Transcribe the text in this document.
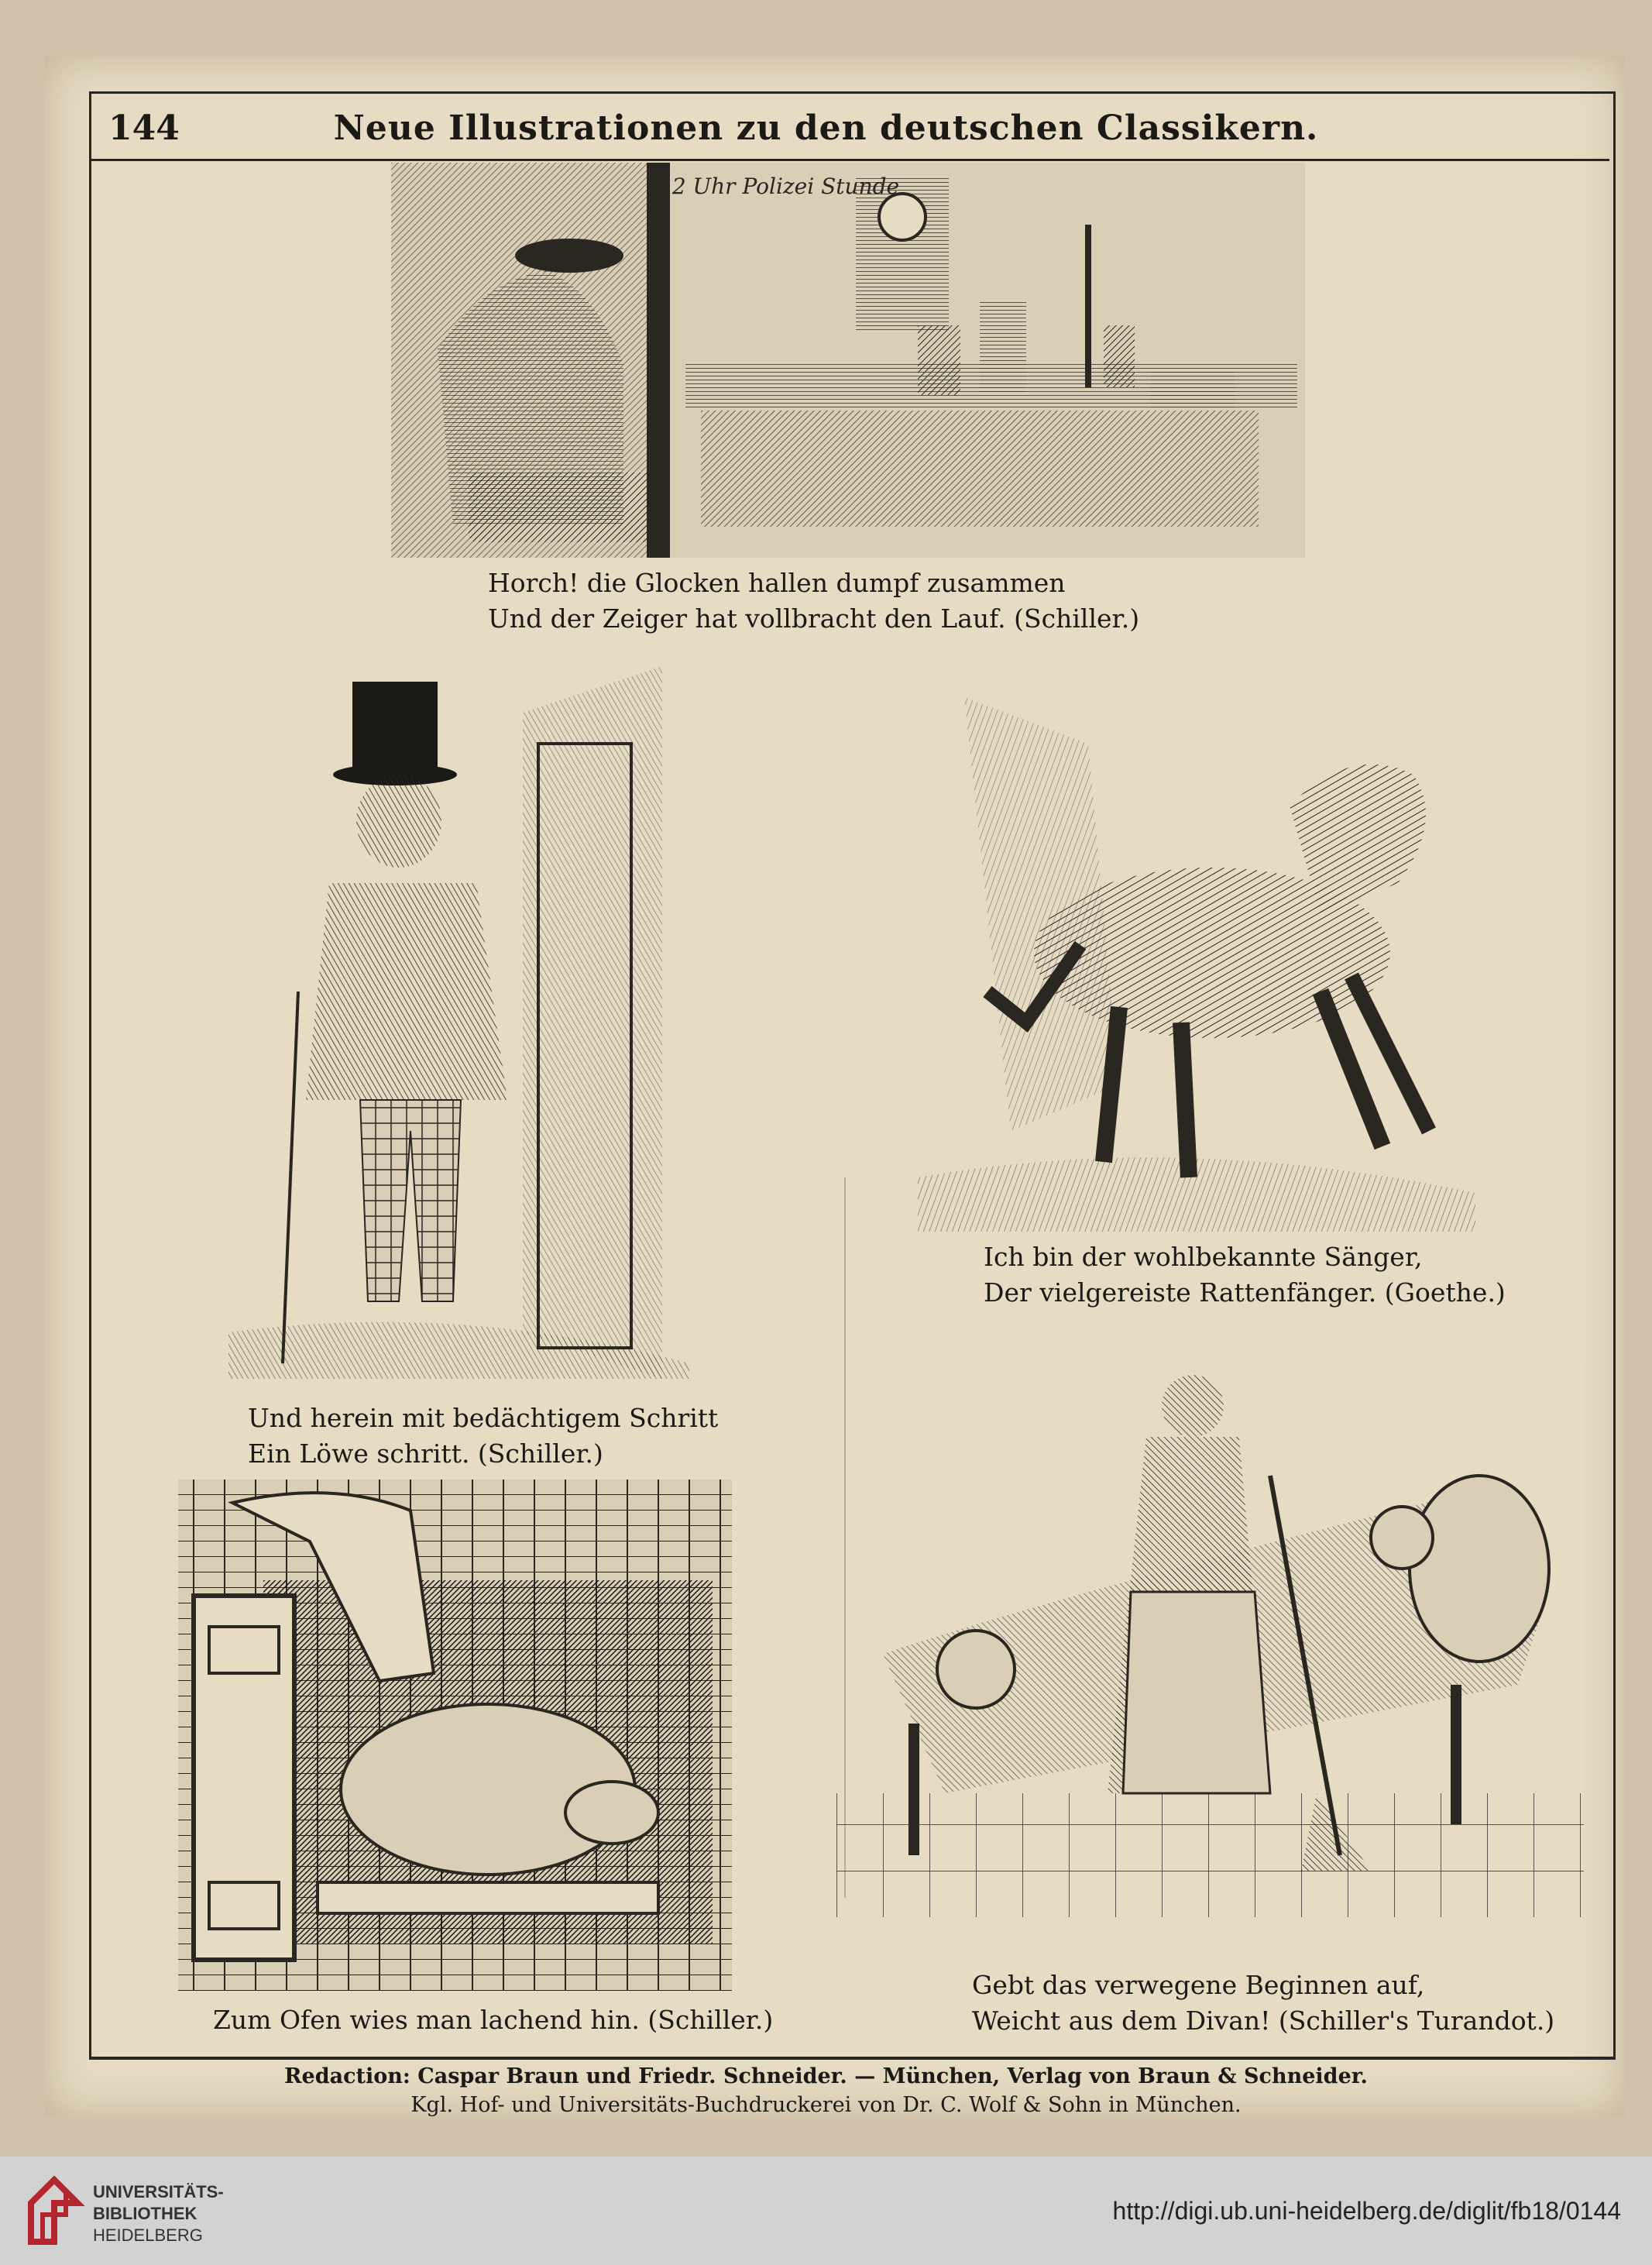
144	Neue Illustrationen zu den deutschen Classikern.
12 Uhr Polizei Stunde
Horch! die Glocken hallen dumpf zusammen
Und der Zeiger hat vollbracht den Lauf. (Schiller.)
Und herein mit bedächtigem Schritt
Ein Löwe schritt. (Schiller.)
Ich bin der wohlbekannte Sänger,
Der vielgereiste Rattenfänger. (Goethe.)
Zum Ofen wies man lachend hin. (Schiller.)
Gebt das verwegene Beginnen auf,
Weicht aus dem Divan! (Schiller's Turandot.)
Redaction: Caspar Braun und Friedr. Schneider. — München, Verlag von Braun & Schneider.
Kgl. Hof- und Universitäts-Buchdruckerei von Dr. C. Wolf & Sohn in München.
UNIVERSITÄTS-
BIBLIOTHEK
HEIDELBERG
http://digi.ub.uni-heidelberg.de/diglit/fb18/0144
